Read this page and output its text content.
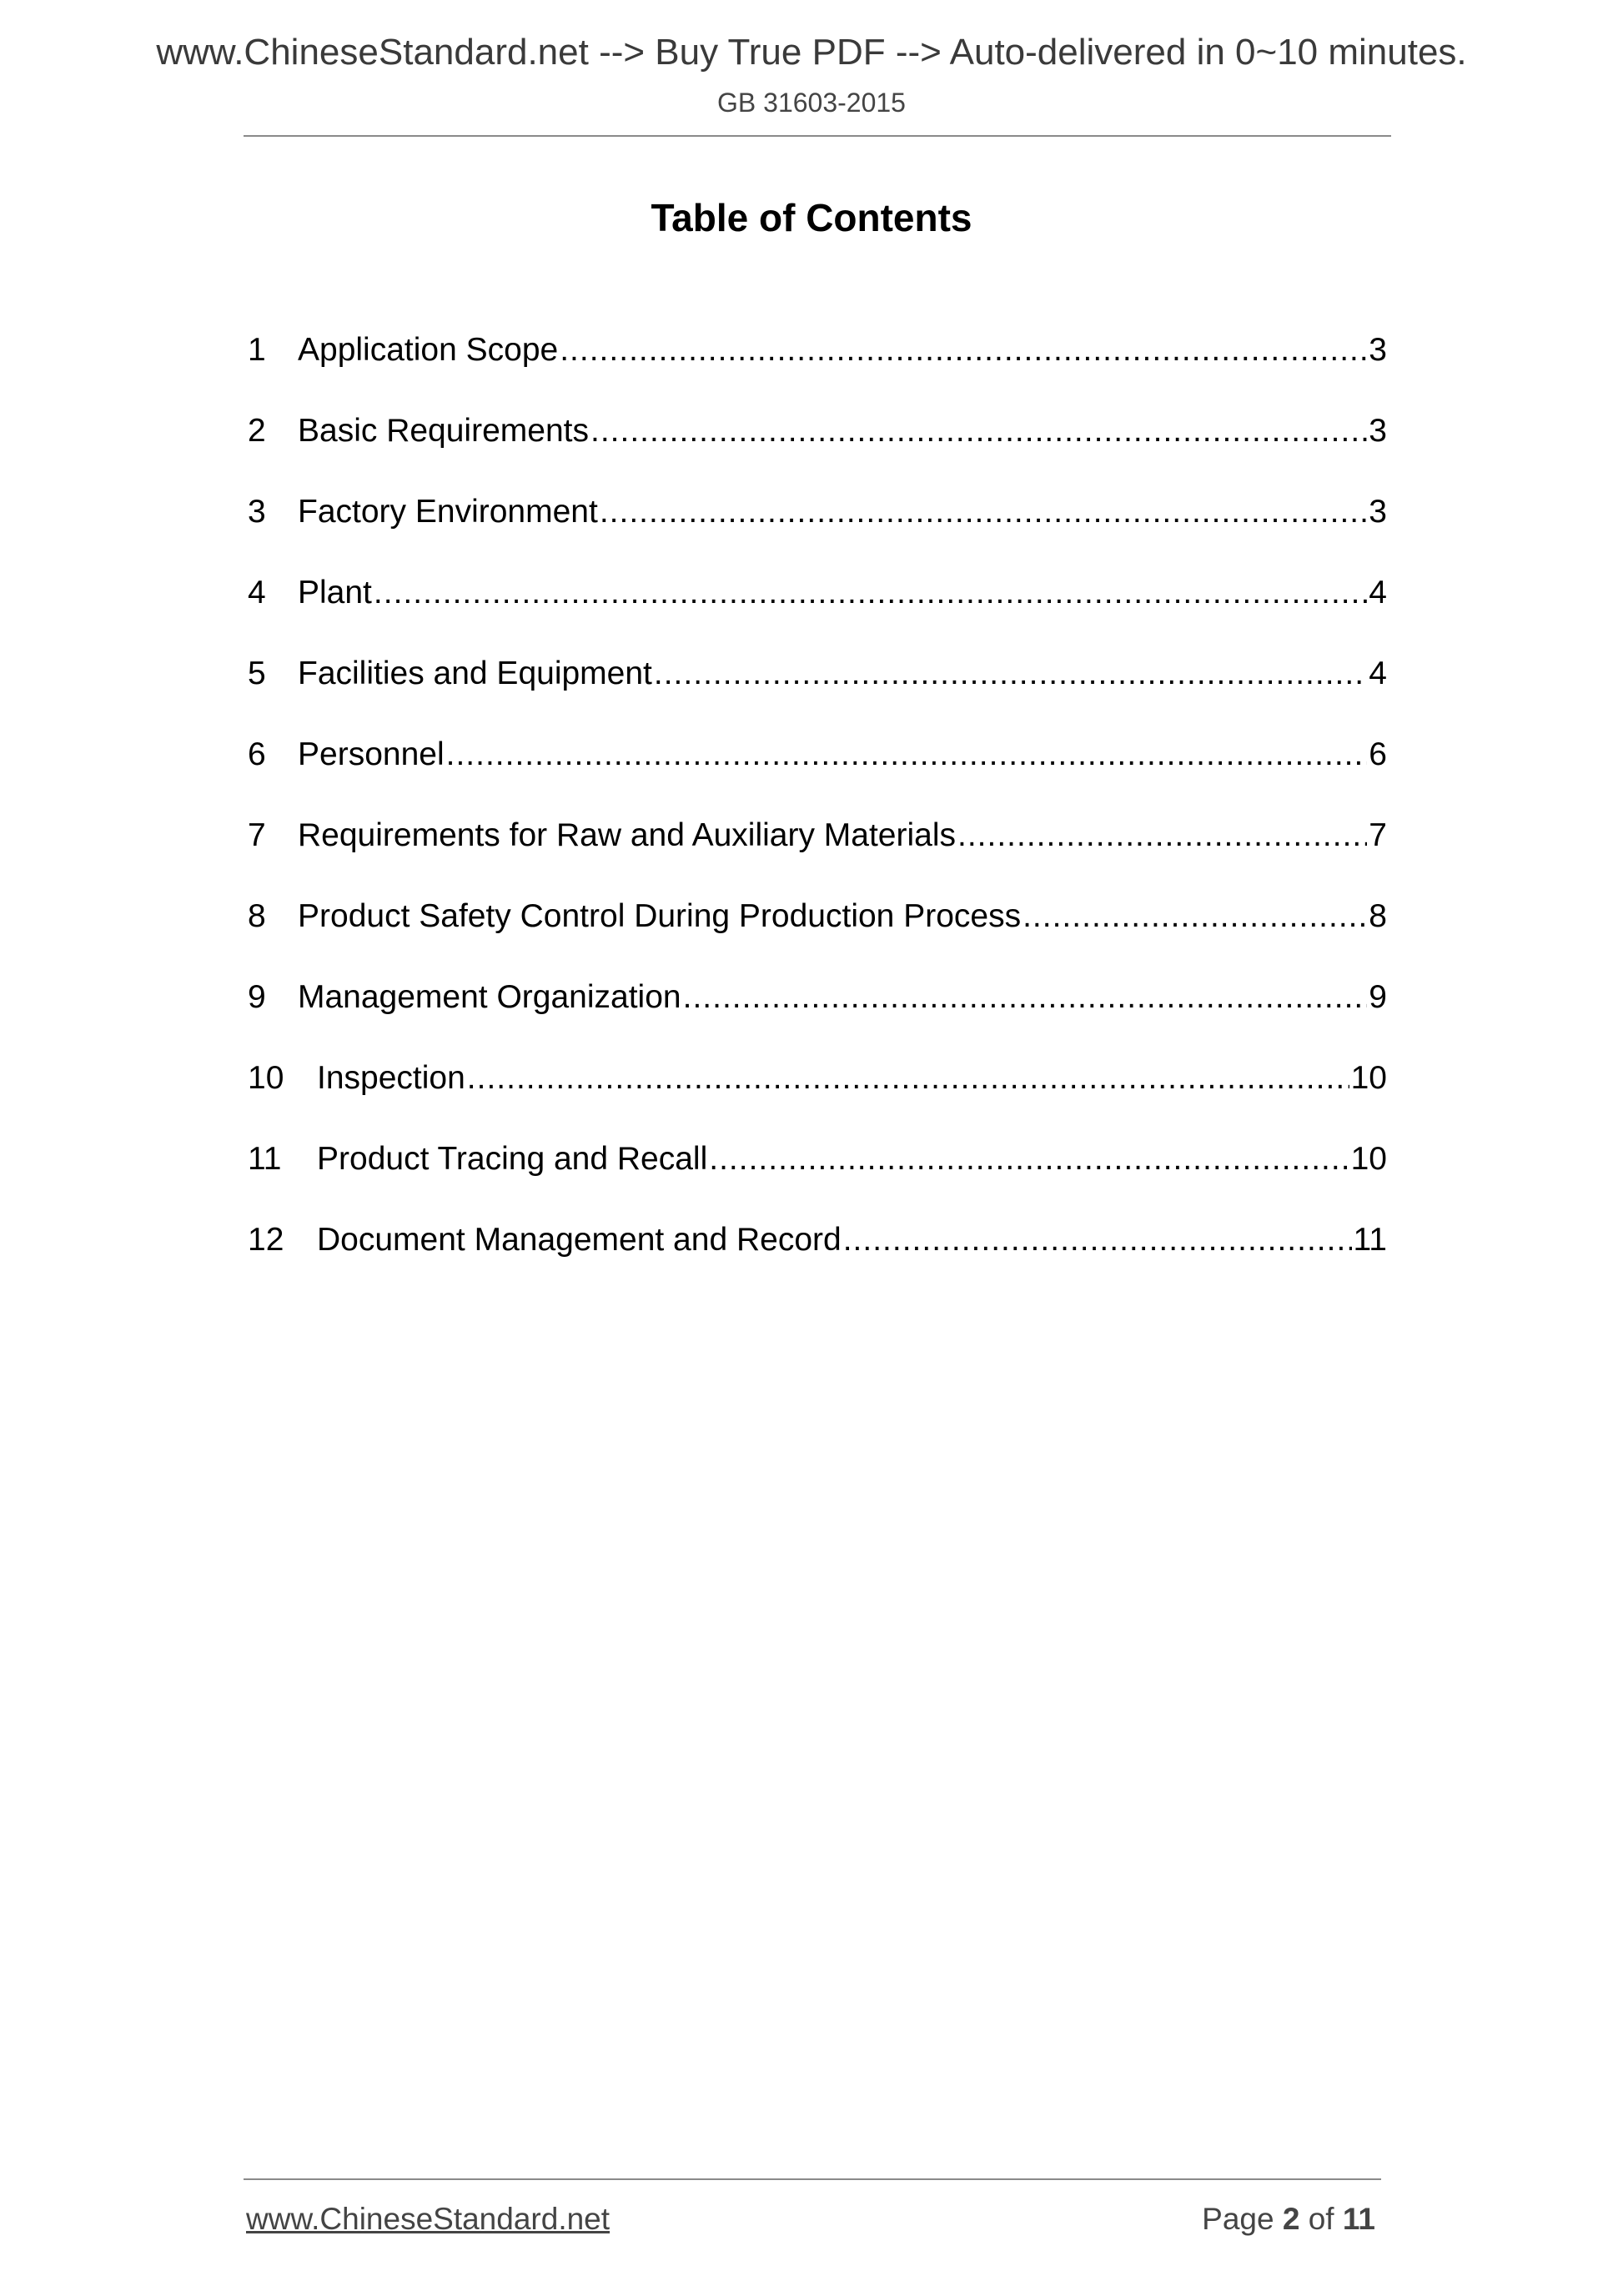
www.ChineseStandard.net --> Buy True PDF --> Auto-delivered in 0~10 minutes.
GB 31603-2015
Table of Contents
1 Application Scope .....	3
2 Basic Requirements .....	3
3 Factory Environment .....	3
4 Plant .....	4
5 Facilities and Equipment .....	4
6 Personnel .....	6
7 Requirements for Raw and Auxiliary Materials .....	7
8 Product Safety Control During Production Process .....	8
9 Management Organization .....	9
10	Inspection .....	10
11	Product Tracing and Recall .....	10
12	Document Management and Record .....	11
www.ChineseStandard.net	Page 2 of 11
